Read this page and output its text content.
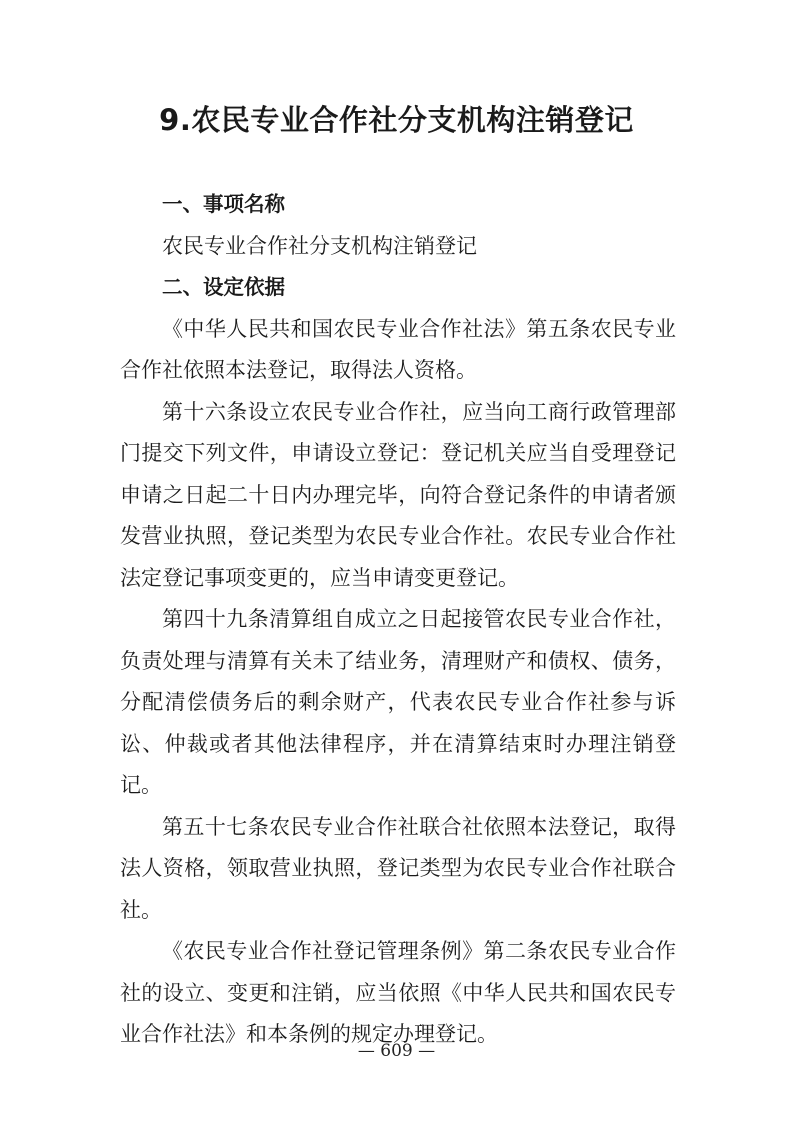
9.农民专业合作社分支机构注销登记

一、事项名称

农民专业合作社分支机构注销登记

二、设定依据

《中华人民共和国农民专业合作社法》第五条农民专业合作社依照本法登记，取得法人资格。

第十六条设立农民专业合作社，应当向工商行政管理部门提交下列文件，申请设立登记：登记机关应当自受理登记申请之日起二十日内办理完毕，向符合登记条件的申请者颁发营业执照，登记类型为农民专业合作社。农民专业合作社法定登记事项变更的，应当申请变更登记。

第四十九条清算组自成立之日起接管农民专业合作社，负责处理与清算有关未了结业务，清理财产和债权、债务，分配清偿债务后的剩余财产，代表农民专业合作社参与诉讼、仲裁或者其他法律程序，并在清算结束时办理注销登记。

第五十七条农民专业合作社联合社依照本法登记，取得法人资格，领取营业执照，登记类型为农民专业合作社联合社。

《农民专业合作社登记管理条例》第二条农民专业合作社的设立、变更和注销，应当依照《中华人民共和国农民专业合作社法》和本条例的规定办理登记。

— 609 —
